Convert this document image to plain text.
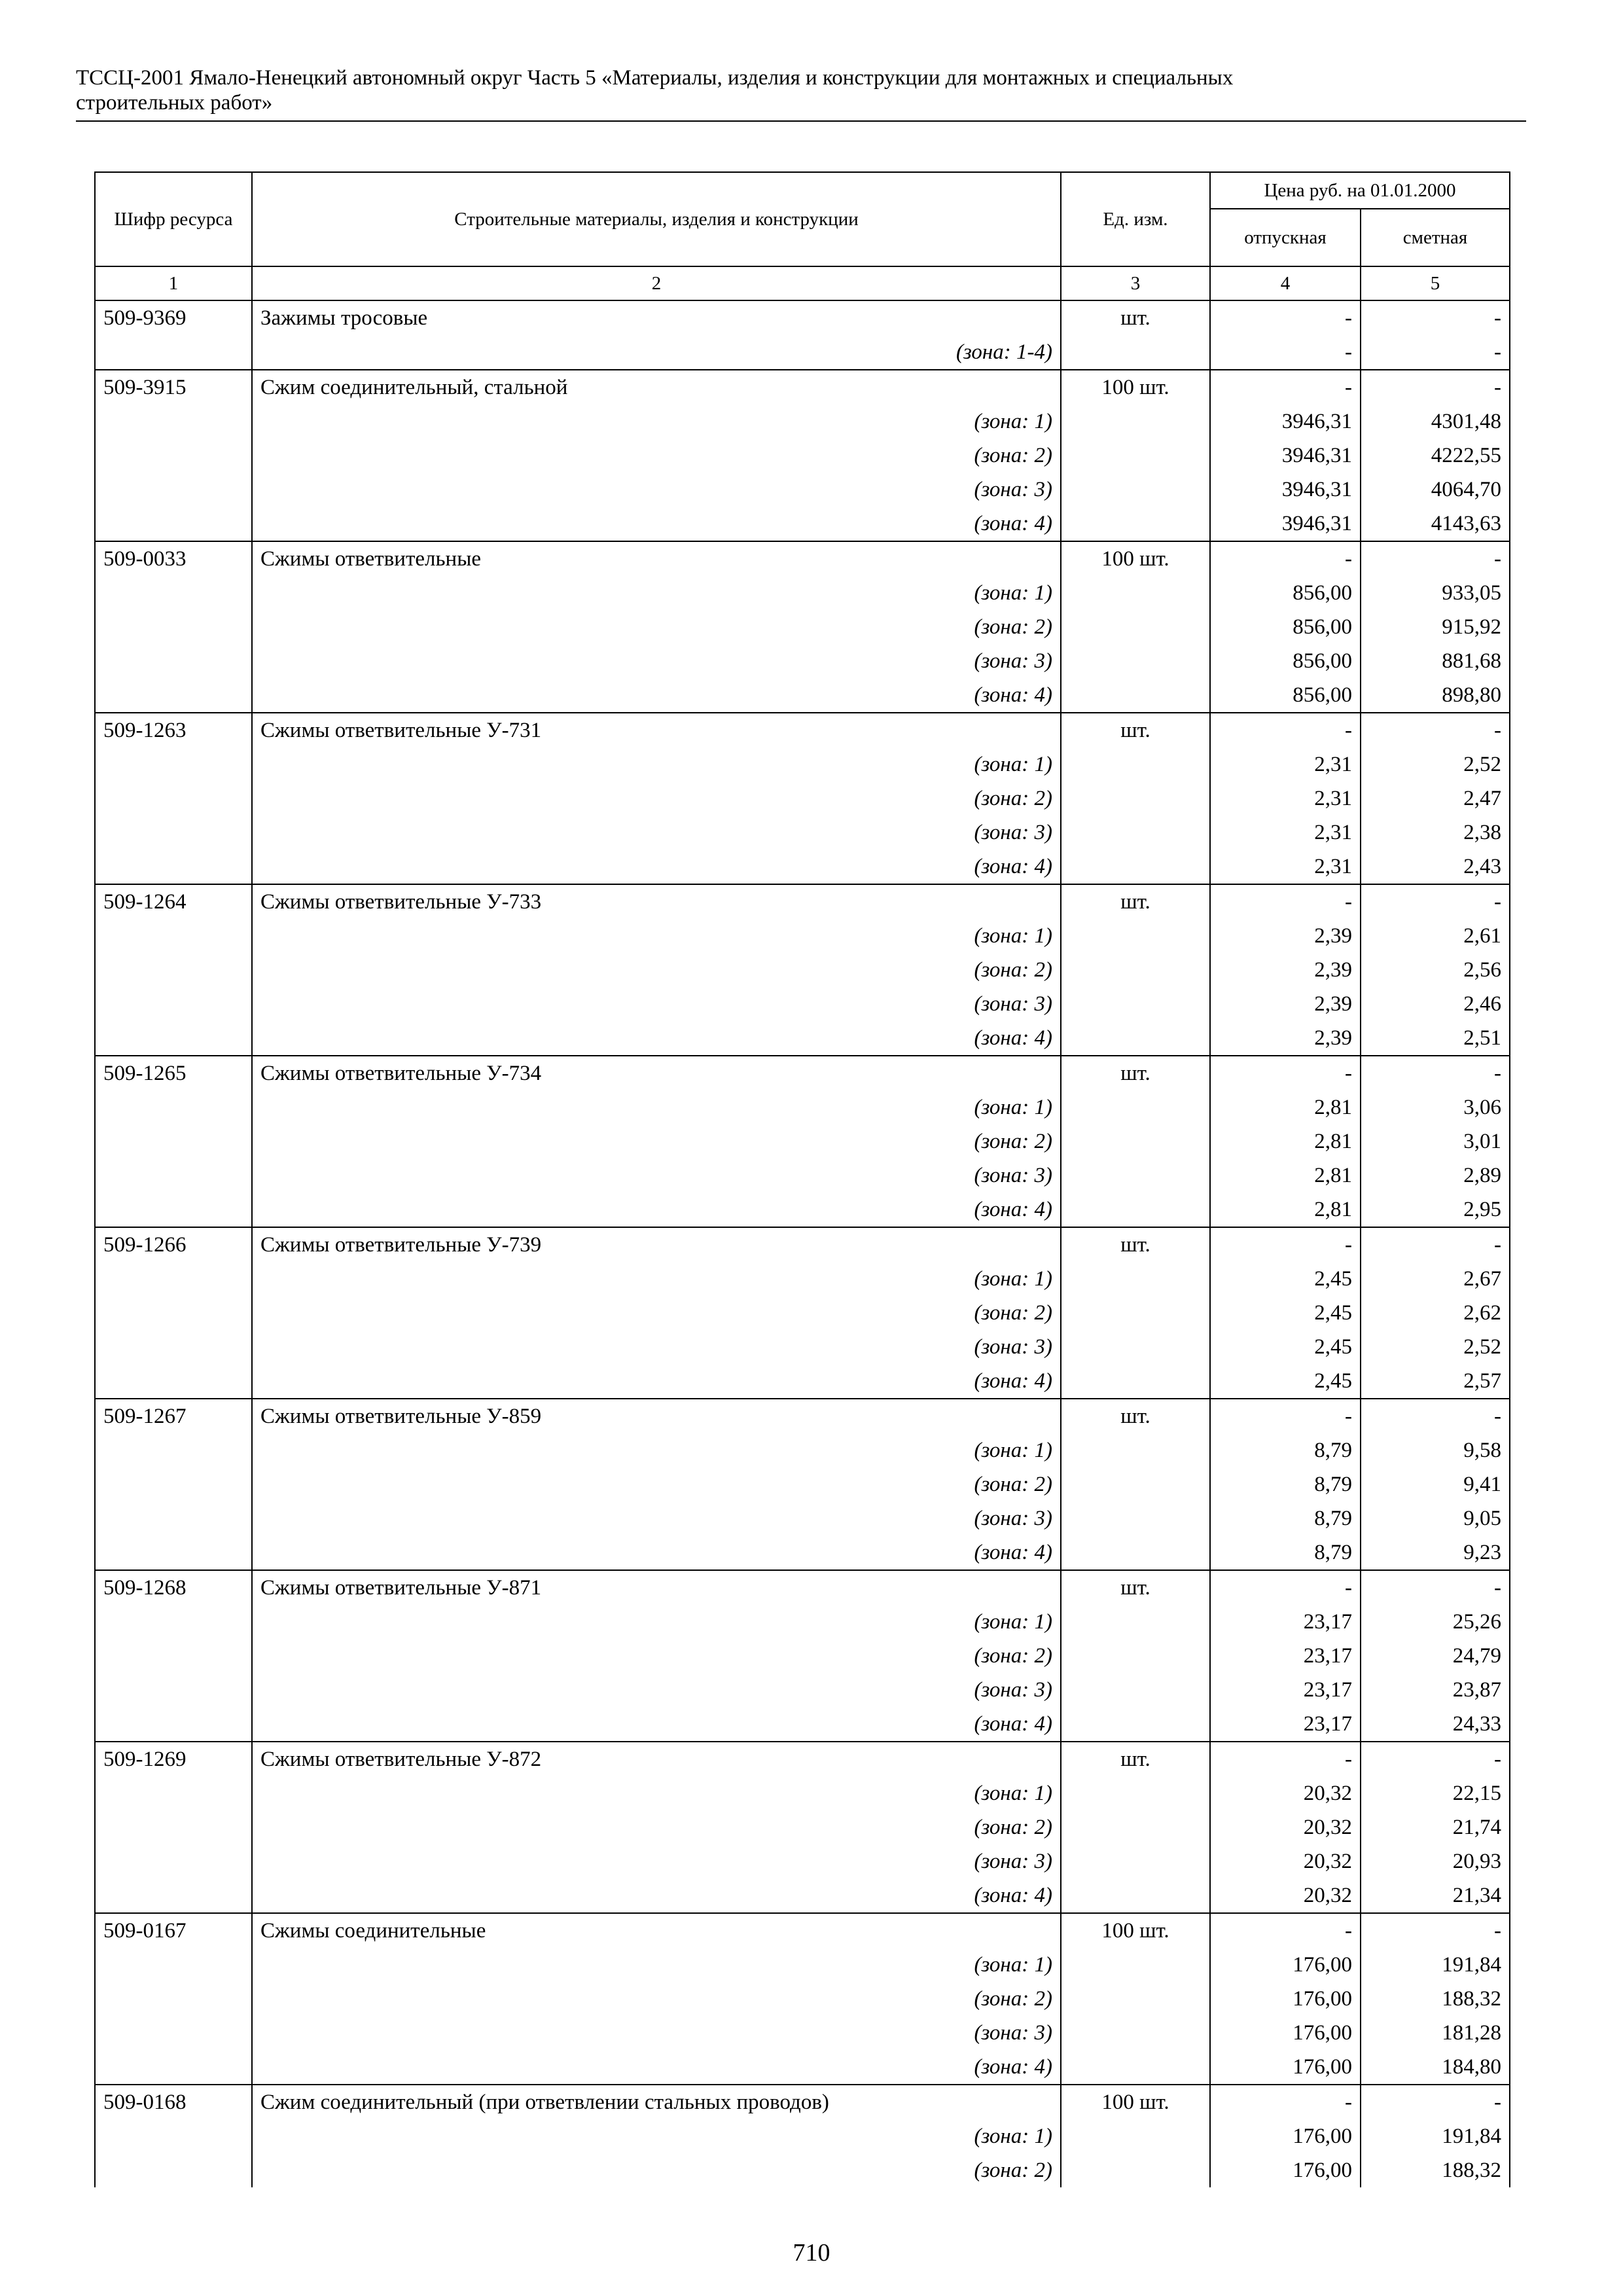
ТССЦ-2001 Ямало-Ненецкий автономный округ Часть 5 «Материалы, изделия и конструкции для монтажных и специальных
строительных работ»
Шифр ресурса	Строительные материалы, изделия и конструкции	Ед. изм.	Цена руб. на 01.01.2000	
			отпускная	сметная
1	2	3	4	5
509-9369	Зажимы тросовые	шт.	-	-
	(зона: 1-4)		-	-
509-3915	Сжим соединительный, стальной	100 шт.	-	-
	(зона: 1)		3946,31	4301,48
	(зона: 2)		3946,31	4222,55
	(зона: 3)		3946,31	4064,70
	(зона: 4)		3946,31	4143,63
509-0033	Сжимы ответвительные	100 шт.	-	-
	(зона: 1)		856,00	933,05
	(зона: 2)		856,00	915,92
	(зона: 3)		856,00	881,68
	(зона: 4)		856,00	898,80
509-1263	Сжимы ответвительные У-731	шт.	-	-
	(зона: 1)		2,31	2,52
	(зона: 2)		2,31	2,47
	(зона: 3)		2,31	2,38
	(зона: 4)		2,31	2,43
509-1264	Сжимы ответвительные У-733	шт.	-	-
	(зона: 1)		2,39	2,61
	(зона: 2)		2,39	2,56
	(зона: 3)		2,39	2,46
	(зона: 4)		2,39	2,51
509-1265	Сжимы ответвительные У-734	шт.	-	-
	(зона: 1)		2,81	3,06
	(зона: 2)		2,81	3,01
	(зона: 3)		2,81	2,89
	(зона: 4)		2,81	2,95
509-1266	Сжимы ответвительные У-739	шт.	-	-
	(зона: 1)		2,45	2,67
	(зона: 2)		2,45	2,62
	(зона: 3)		2,45	2,52
	(зона: 4)		2,45	2,57
509-1267	Сжимы ответвительные У-859	шт.	-	-
	(зона: 1)		8,79	9,58
	(зона: 2)		8,79	9,41
	(зона: 3)		8,79	9,05
	(зона: 4)		8,79	9,23
509-1268	Сжимы ответвительные У-871	шт.	-	-
	(зона: 1)		23,17	25,26
	(зона: 2)		23,17	24,79
	(зона: 3)		23,17	23,87
	(зона: 4)		23,17	24,33
509-1269	Сжимы ответвительные У-872	шт.	-	-
	(зона: 1)		20,32	22,15
	(зона: 2)		20,32	21,74
	(зона: 3)		20,32	20,93
	(зона: 4)		20,32	21,34
509-0167	Сжимы соединительные	100 шт.	-	-
	(зона: 1)		176,00	191,84
	(зона: 2)		176,00	188,32
	(зона: 3)		176,00	181,28
	(зона: 4)		176,00	184,80
509-0168	Сжим соединительный (при ответвлении стальных проводов)	100 шт.	-	-
	(зона: 1)		176,00	191,84
	(зона: 2)		176,00	188,32
710
